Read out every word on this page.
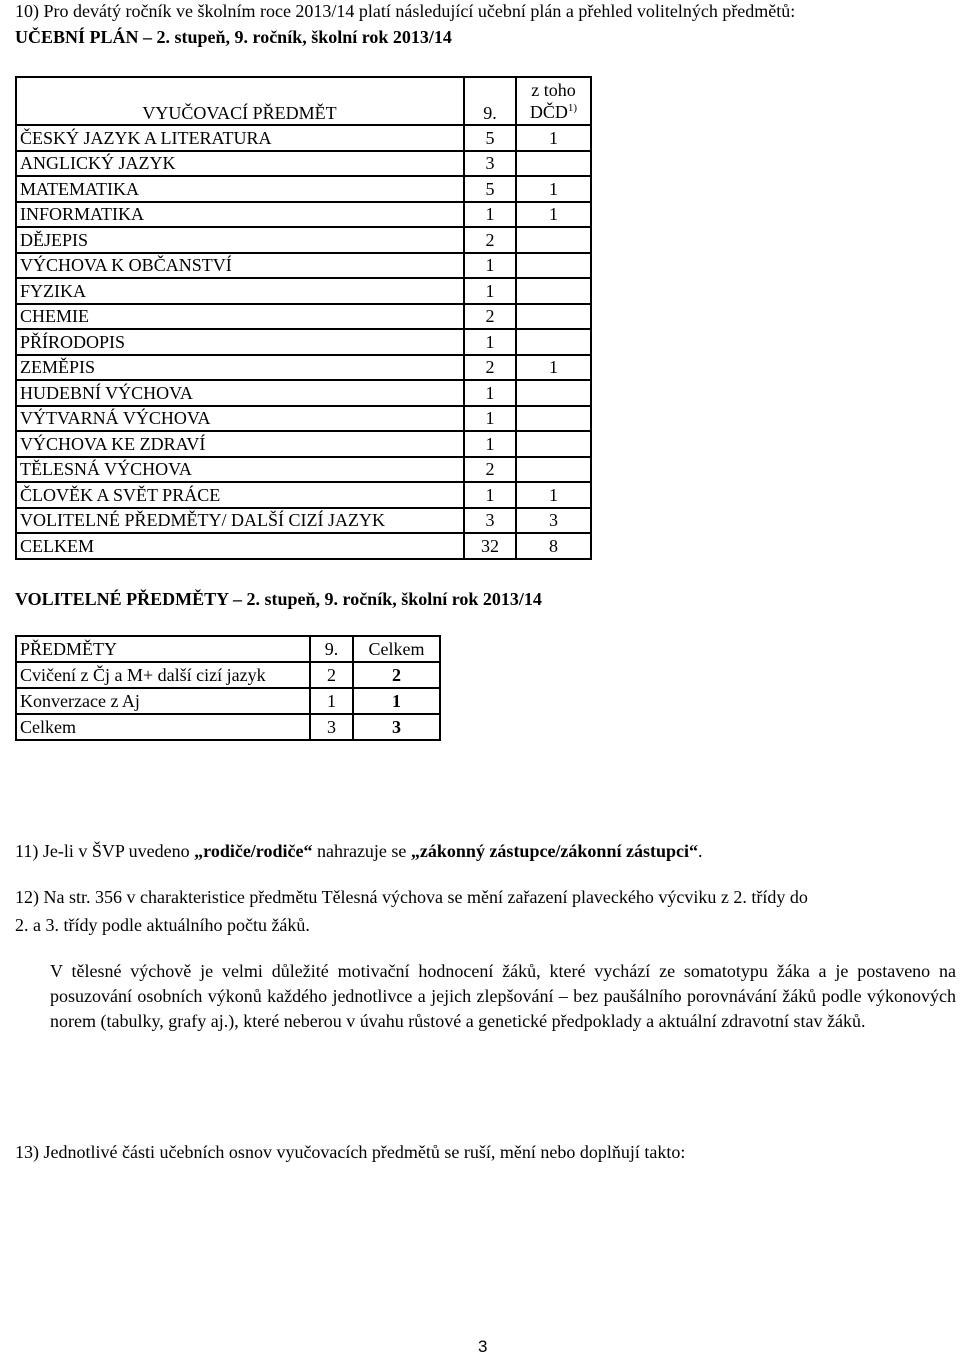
10) Pro devátý ročník ve školním roce 2013/14 platí následující učební plán a přehled volitelných předmětů:
UČEBNÍ PLÁN – 2. stupeň, 9. ročník, školní rok 2013/14
VYUČOVACÍ PŘEDMĚT	9.	z toho
DČD$^{1)}$

ČESKÝ JAZYK A LITERATURA	5	1
ANGLICKÝ JAZYK	3	
MATEMATIKA	5	1
INFORMATIKA	1	1
DĚJEPIS	2	
VÝCHOVA K OBČANSTVÍ	1	
FYZIKA	1	
CHEMIE	2	
PŘÍRODOPIS	1	
ZEMĚPIS	2	1
HUDEBNÍ VÝCHOVA	1	
VÝTVARNÁ VÝCHOVA	1	
VÝCHOVA KE ZDRAVÍ	1	
TĚLESNÁ VÝCHOVA	2	
ČLOVĚK A SVĚT PRÁCE	1	1
VOLITELNÉ PŘEDMĚTY/ DALŠÍ CIZÍ JAZYK	3	3
CELKEM	32	8
VOLITELNÉ PŘEDMĚTY – 2. stupeň, 9. ročník, školní rok 2013/14
PŘEDMĚTY	9.	Celkem
Cvičení z Čj a M+ další cizí jazyk	2	2
Konverzace z Aj	1	1
Celkem	3	3
11) Je-li v ŠVP uvedeno „rodiče/rodiče“ nahrazuje se „zákonný zástupce/zákonní zástupci“.
12) Na str. 356 v charakteristice předmětu Tělesná výchova se mění zařazení plaveckého výcviku z 2. třídy do
2. a 3. třídy podle aktuálního počtu žáků.
V tělesné výchově je velmi důležité motivační hodnocení žáků, které vychází ze somatotypu žáka a je postaveno na posuzování osobních výkonů každého jednotlivce a jejich zlepšování – bez paušálního porovnávání žáků podle výkonových norem (tabulky, grafy aj.), které neberou v úvahu růstové a genetické předpoklady a aktuální zdravotní stav žáků.
13) Jednotlivé části učebních osnov vyučovacích předmětů se ruší, mění nebo doplňují takto:
3
